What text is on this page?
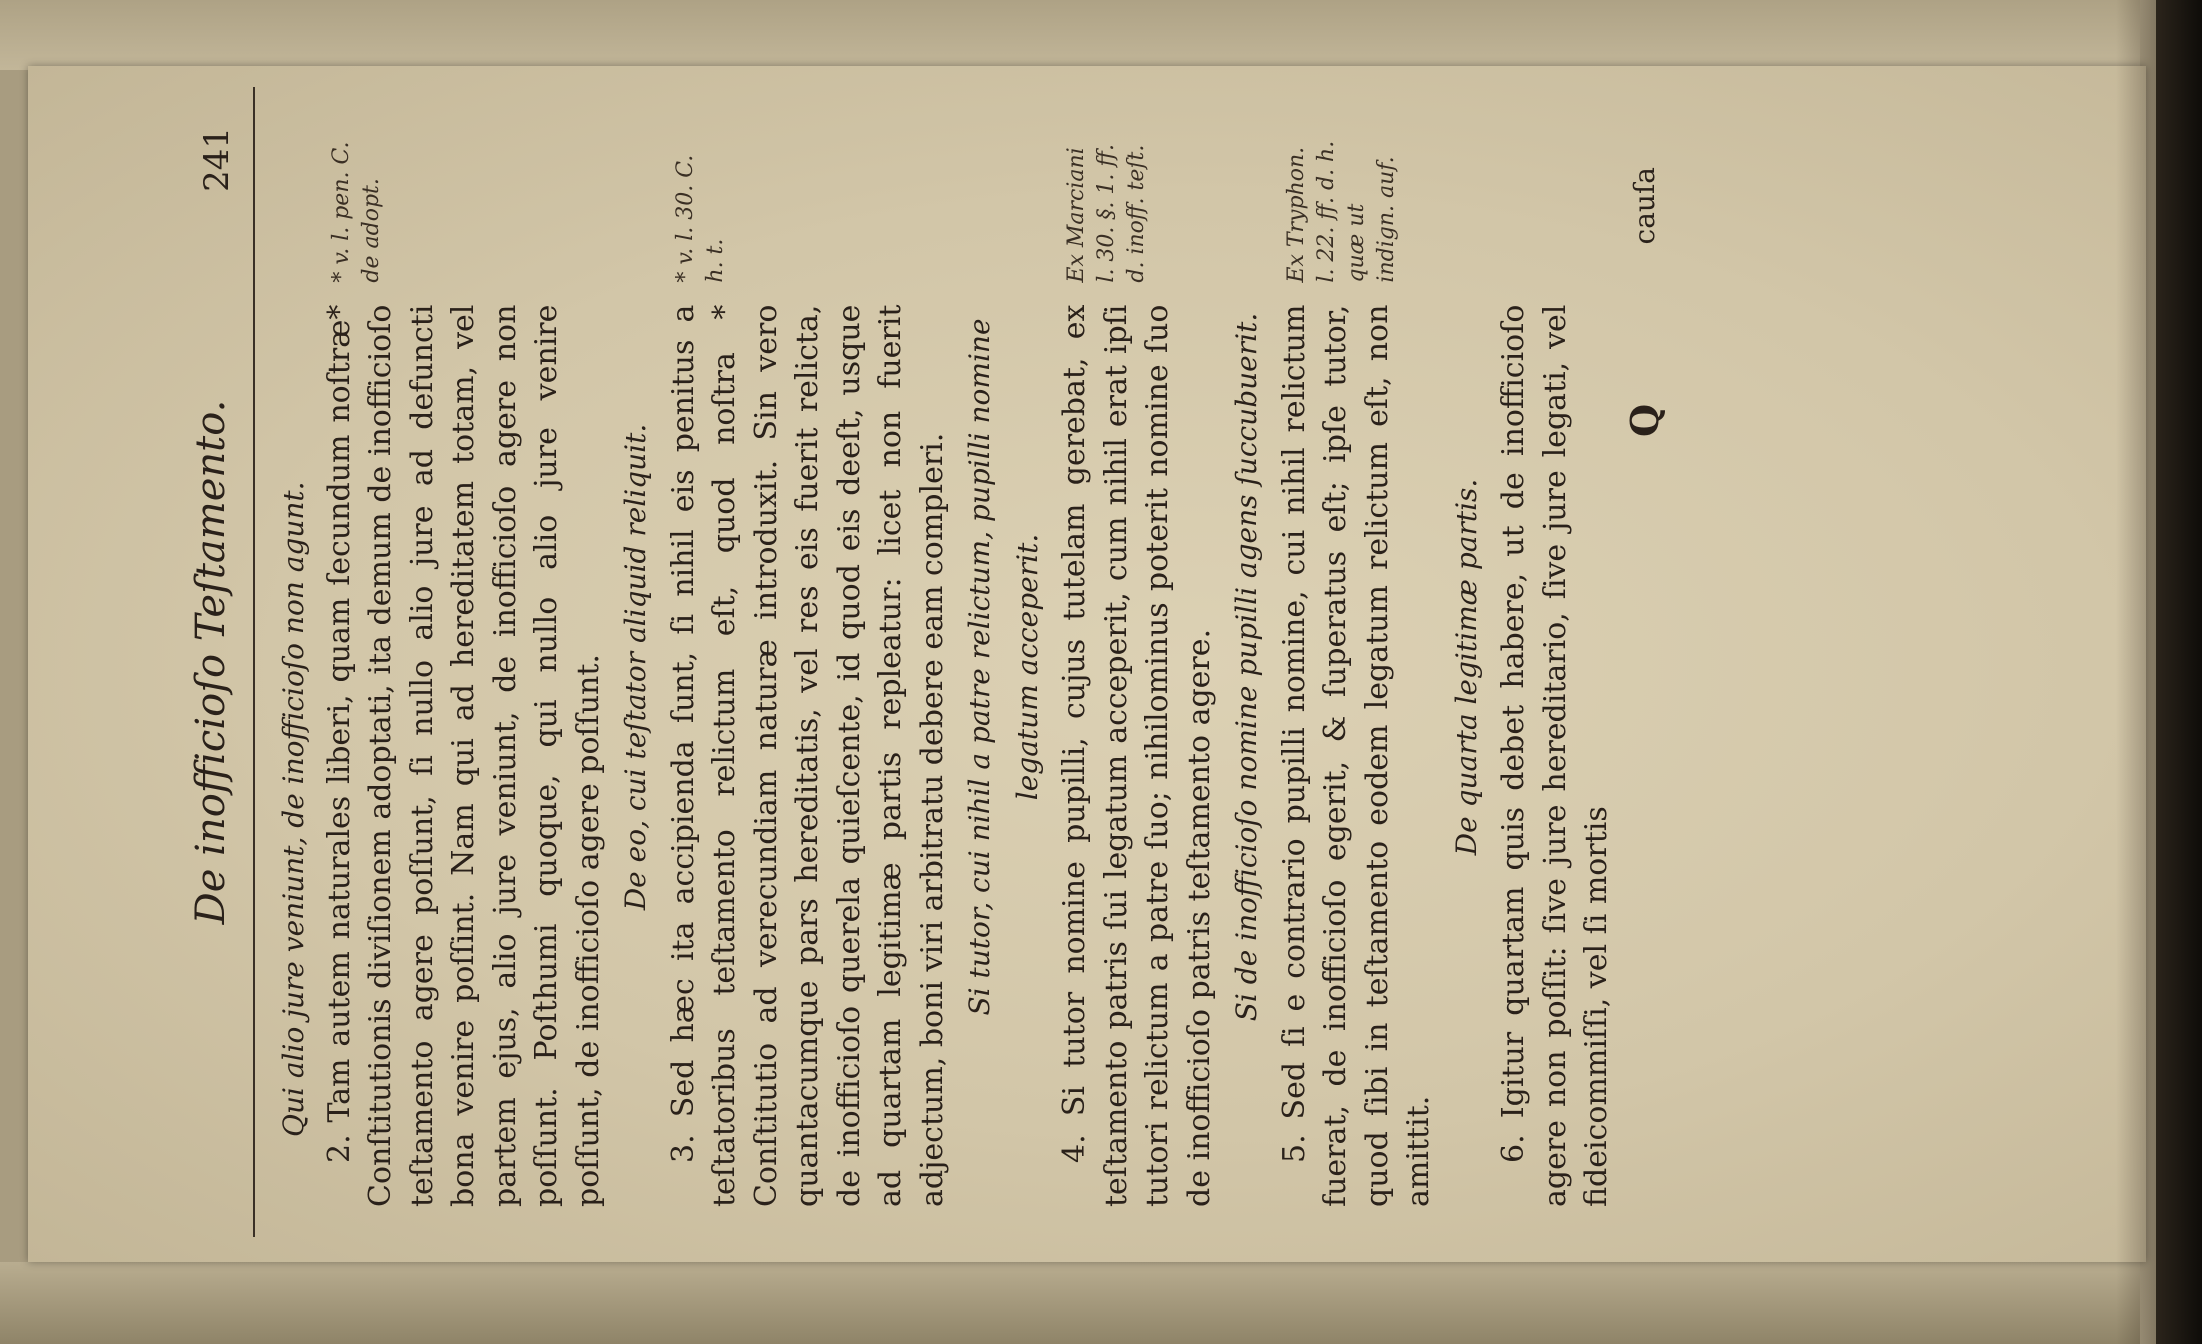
De inofficioſo Teſtamento.
241
Qui alio jure veniunt, de inofficioſo non agunt. 2. Tam autem naturales liberi, quam ſecundum noſtræ* Conſtitutionis diviſionem adoptati, ita demum de inofficioſo teſtamento agere poſſunt, ſi nullo alio jure ad defuncti bona venire poſſint. Nam qui ad hereditatem totam, vel partem ejus, alio jure veniunt, de inofficioſo agere non poſſunt. Poſthumi quoque, qui nullo alio jure venire poſſunt, de inofficioſo agere poſſunt.

* v. l. pen. C. de adopt.
De eo, cui teſtator aliquid reliquit. 3. Sed hæc ita accipienda ſunt, ſi nihil eis penitus a teſtatoribus teſtamento relictum eſt, quod noſtra * Conſtitutio ad verecundiam naturæ introduxit. Sin vero quantacumque pars hereditatis, vel res eis fuerit relicta, de inofficioſo querela quieſcente, id quod eis deeſt, usque ad quartam legitimæ partis repleatur: licet non fuerit adjectum, boni viri arbitratu debere eam compleri.

* v. l. 30. C. h. t.
Si tutor, cui nihil a patre relictum, pupilli nomine legatum acceperit. 4. Si tutor nomine pupilli, cujus tutelam gerebat, ex teſtamento patris ſui legatum acceperit, cum nihil erat ipſi tutori relictum a patre ſuo; nihilominus poterit nomine ſuo de inofficioſo patris teſtamento agere.

Ex Marciani l. 30. §. 1. ff. d. inoff. teſt.
Si de inofficioſo nomine pupilli agens ſuccubuerit. 5. Sed ſi e contrario pupilli nomine, cui nihil relictum fuerat, de inofficioſo egerit, & ſuperatus eſt; ipſe tutor, quod ſibi in teſtamento eodem legatum relictum eſt, non amittit.

Ex Tryphon. l. 22. ff. d. h. quæ ut indign. auf.
De quarta legitimæ partis. 6. Igitur quartam quis debet habere, ut de inofficioſo agere non poſſit: ſive jure hereditario, ſive jure legati, vel fideicommiſſi, vel ſi mortis

Q
cauſa
